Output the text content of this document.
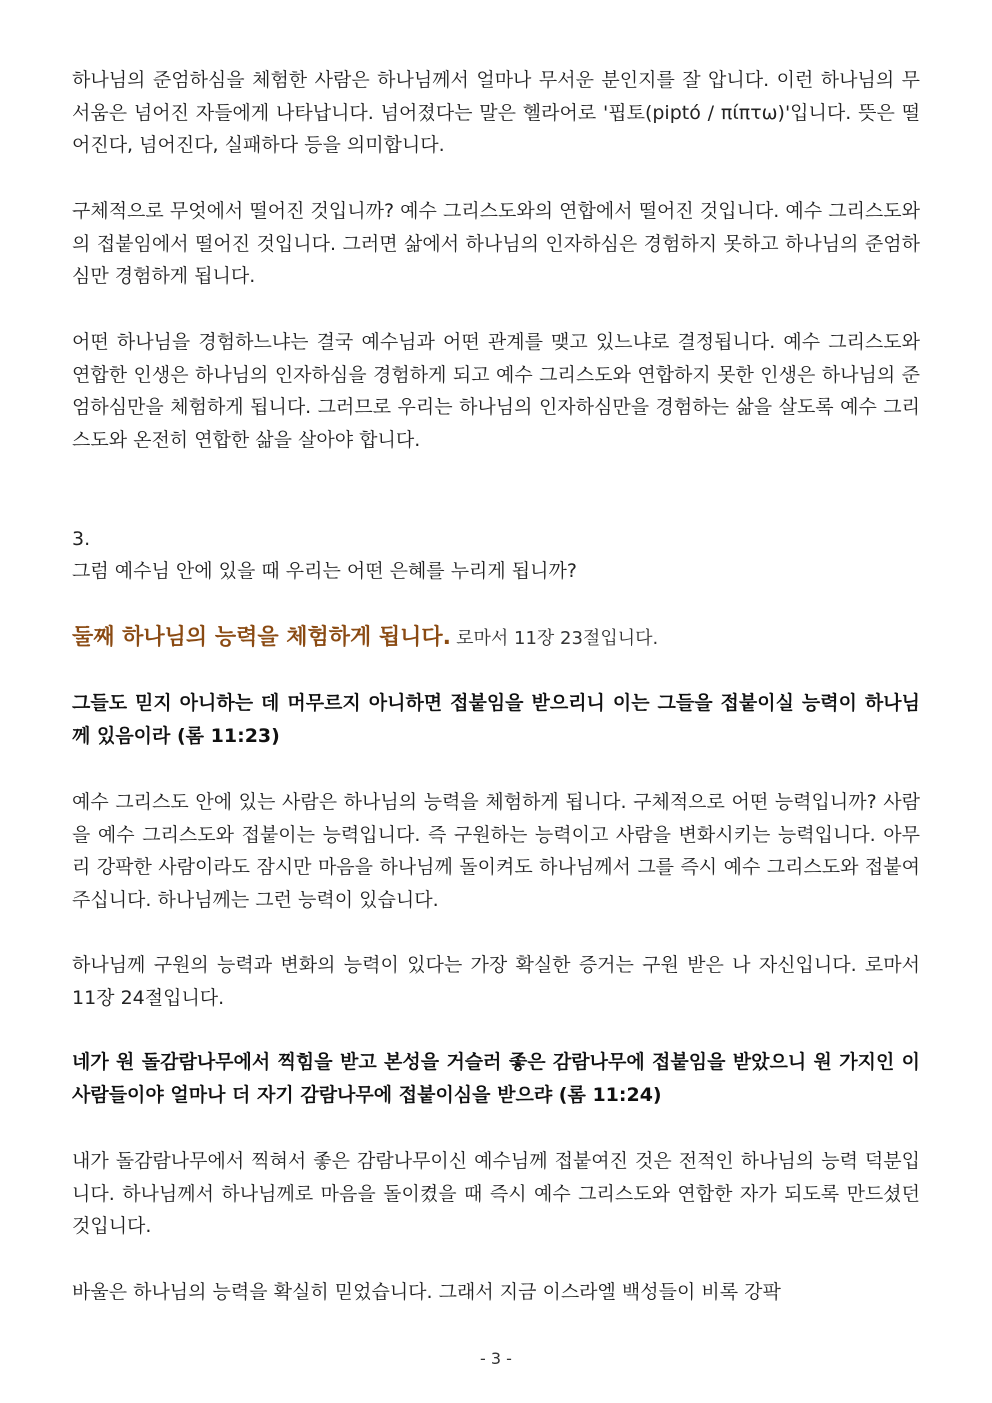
하나님의 준엄하심을 체험한 사람은 하나님께서 얼마나 무서운 분인지를 잘 압니다. 이런 하나님의 무서움은 넘어진 자들에게 나타납니다. 넘어졌다는 말은 헬라어로 '핍토(piptó / πίπτω)'입니다. 뜻은 떨어진다, 넘어진다, 실패하다 등을 의미합니다.

구체적으로 무엇에서 떨어진 것입니까? 예수 그리스도와의 연합에서 떨어진 것입니다. 예수 그리스도와의 접붙임에서 떨어진 것입니다. 그러면 삶에서 하나님의 인자하심은 경험하지 못하고 하나님의 준엄하심만 경험하게 됩니다.

어떤 하나님을 경험하느냐는 결국 예수님과 어떤 관계를 맺고 있느냐로 결정됩니다. 예수 그리스도와 연합한 인생은 하나님의 인자하심을 경험하게 되고 예수 그리스도와 연합하지 못한 인생은 하나님의 준엄하심만을 체험하게 됩니다. 그러므로 우리는 하나님의 인자하심만을 경험하는 삶을 살도록 예수 그리스도와 온전히 연합한 삶을 살아야 합니다.

3.

그럼 예수님 안에 있을 때 우리는 어떤 은혜를 누리게 됩니까?

둘째 하나님의 능력을 체험하게 됩니다. 로마서 11장 23절입니다.

그들도 믿지 아니하는 데 머무르지 아니하면 접붙임을 받으리니 이는 그들을 접붙이실 능력이 하나님께 있음이라 (롬 11:23)

예수 그리스도 안에 있는 사람은 하나님의 능력을 체험하게 됩니다. 구체적으로 어떤 능력입니까? 사람을 예수 그리스도와 접붙이는 능력입니다. 즉 구원하는 능력이고 사람을 변화시키는 능력입니다. 아무리 강팍한 사람이라도 잠시만 마음을 하나님께 돌이켜도 하나님께서 그를 즉시 예수 그리스도와 접붙여주십니다. 하나님께는 그런 능력이 있습니다.

하나님께 구원의 능력과 변화의 능력이 있다는 가장 확실한 증거는 구원 받은 나 자신입니다. 로마서 11장 24절입니다.

네가 원 돌감람나무에서 찍힘을 받고 본성을 거슬러 좋은 감람나무에 접붙임을 받았으니 원 가지인 이 사람들이야 얼마나 더 자기 감람나무에 접붙이심을 받으랴 (롬 11:24)

내가 돌감람나무에서 찍혀서 좋은 감람나무이신 예수님께 접붙여진 것은 전적인 하나님의 능력 덕분입니다. 하나님께서 하나님께로 마음을 돌이켰을 때 즉시 예수 그리스도와 연합한 자가 되도록 만드셨던 것입니다.

바울은 하나님의 능력을 확실히 믿었습니다. 그래서 지금 이스라엘 백성들이 비록 강팍

- 3 -
